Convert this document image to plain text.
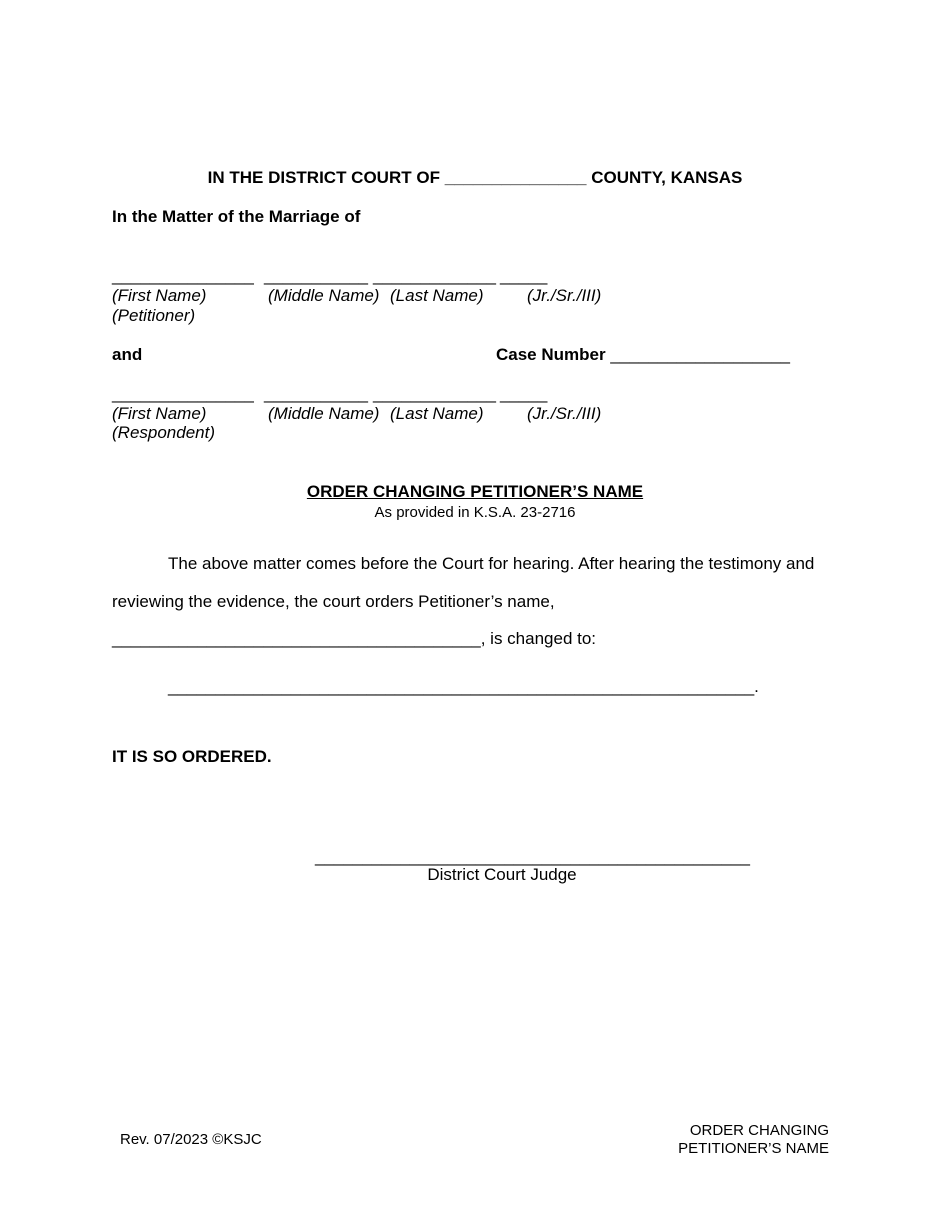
IN THE DISTRICT COURT OF _______________ COUNTY, KANSAS
In the Matter of the Marriage of
_______________ ___________ _____________ _____
(First Name)	(Middle Name) (Last Name)	(Jr./Sr./III)
(Petitioner)
and	Case Number ___________________
_______________ ___________ _____________ _____
(First Name)	(Middle Name) (Last Name)	(Jr./Sr./III)
(Respondent)
ORDER CHANGING PETITIONER’S NAME
As provided in K.S.A. 23-2716
The above matter comes before the Court for hearing. After hearing the testimony and
reviewing the evidence, the court orders Petitioner’s name,
_______________________________________, is changed to:
______________________________________________________________.
IT IS SO ORDERED.
______________________________________________
District Court Judge
Rev. 07/2023 ©KSJC
ORDER CHANGING
PETITIONER’S NAME
